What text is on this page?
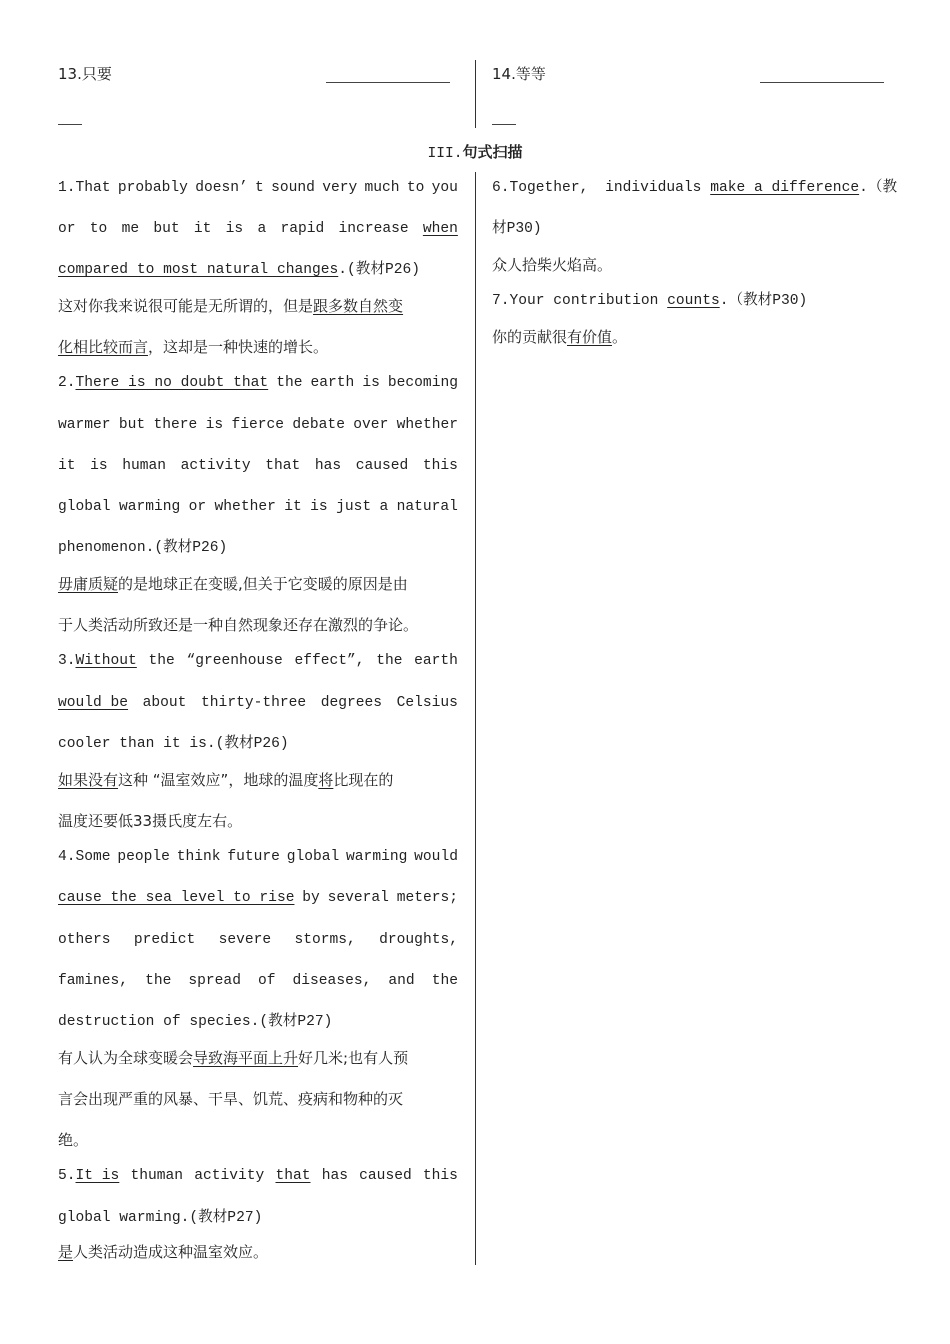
13.只要	14.等等
III.句式扫描
1.That probably doesn’ t sound very much to you
or to me but it is a rapid increase when
compared to most natural changes.(教材P26)
这对你我来说很可能是无所谓的，但是跟多数自然变
化相比较而言，这却是一种快速的增长。
2.There is no doubt that the earth is becoming
warmer but there is fierce debate over whether
it is human activity that has caused this
global warming or whether it is just a natural
phenomenon.(教材P26)
毋庸质疑的是地球正在变暖,但关于它变暖的原因是由
于人类活动所致还是一种自然现象还存在激烈的争论。
3.Without the “greenhouse effect”, the earth
would be about thirty-three degrees Celsius
cooler than it is.(教材P26)
如果没有这种 “温室效应”，地球的温度将比现在的
温度还要低33摄氏度左右。
4.Some people think future global warming would
cause the sea level to rise by several meters;
others predict severe storms, droughts,
famines, the spread of diseases, and the
destruction of species.(教材P27)
有人认为全球变暖会导致海平面上升好几米;也有人预
言会出现严重的风暴、干旱、饥荒、疫病和物种的灭
绝。
5.It is thuman activity that has caused this
global warming.(教材P27)
是人类活动造成这种温室效应。
6.Together, individuals make a difference.（教
材P30)
众人拾柴火焰高。
7.Your contribution counts.（教材P30)
你的贡献很有价值。
